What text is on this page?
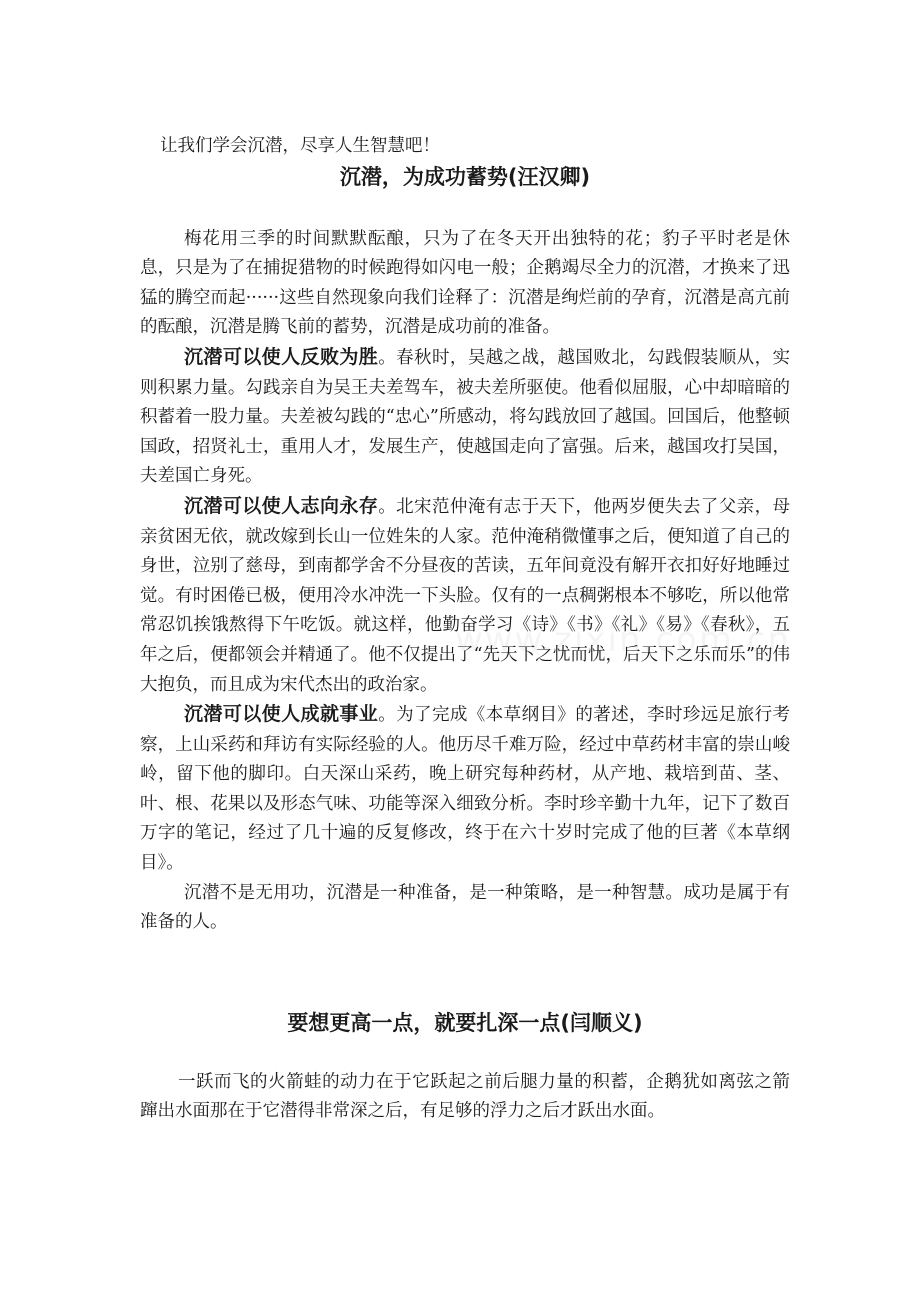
让我们学会沉潜，尽享人生智慧吧！

沉潜，为成功蓄势(汪汉卿)

梅花用三季的时间默默酝酿，只为了在冬天开出独特的花；豹子平时老是休息，只是为了在捕捉猎物的时候跑得如闪电一般；企鹅竭尽全力的沉潜，才换来了迅猛的腾空而起······这些自然现象向我们诠释了：沉潜是绚烂前的孕育，沉潜是高亢前的酝酿，沉潜是腾飞前的蓄势，沉潜是成功前的准备。

沉潜可以使人反败为胜。春秋时，吴越之战，越国败北，勾践假装顺从，实则积累力量。勾践亲自为吴王夫差驾车，被夫差所驱使。他看似屈服，心中却暗暗的积蓄着一股力量。夫差被勾践的“忠心”所感动，将勾践放回了越国。回国后，他整顿国政，招贤礼士，重用人才，发展生产，使越国走向了富强。后来，越国攻打吴国，夫差国亡身死。

沉潜可以使人志向永存。北宋范仲淹有志于天下，他两岁便失去了父亲，母亲贫困无依，就改嫁到长山一位姓朱的人家。范仲淹稍微懂事之后，便知道了自己的身世，泣别了慈母，到南都学舍不分昼夜的苦读，五年间竟没有解开衣扣好好地睡过觉。有时困倦已极，便用冷水冲洗一下头脸。仅有的一点稠粥根本不够吃，所以他常常忍饥挨饿熬得下午吃饭。就这样，他勤奋学习《诗》《书》《礼》《易》《春秋》，五年之后，便都领会并精通了。他不仅提出了“先天下之忧而忧，后天下之乐而乐”的伟大抱负，而且成为宋代杰出的政治家。

沉潜可以使人成就事业。为了完成《本草纲目》的著述，李时珍远足旅行考察，上山采药和拜访有实际经验的人。他历尽千难万险，经过中草药材丰富的崇山峻岭，留下他的脚印。白天深山采药，晚上研究每种药材，从产地、栽培到苗、茎、叶、根、花果以及形态气味、功能等深入细致分析。李时珍辛勤十九年，记下了数百万字的笔记，经过了几十遍的反复修改，终于在六十岁时完成了他的巨著《本草纲目》。

沉潜不是无用功，沉潜是一种准备，是一种策略，是一种智慧。成功是属于有准备的人。

要想更高一点，就要扎深一点(闫顺义)

一跃而飞的火箭蛙的动力在于它跃起之前后腿力量的积蓄，企鹅犹如离弦之箭蹿出水面那在于它潜得非常深之后，有足够的浮力之后才跃出水面。
